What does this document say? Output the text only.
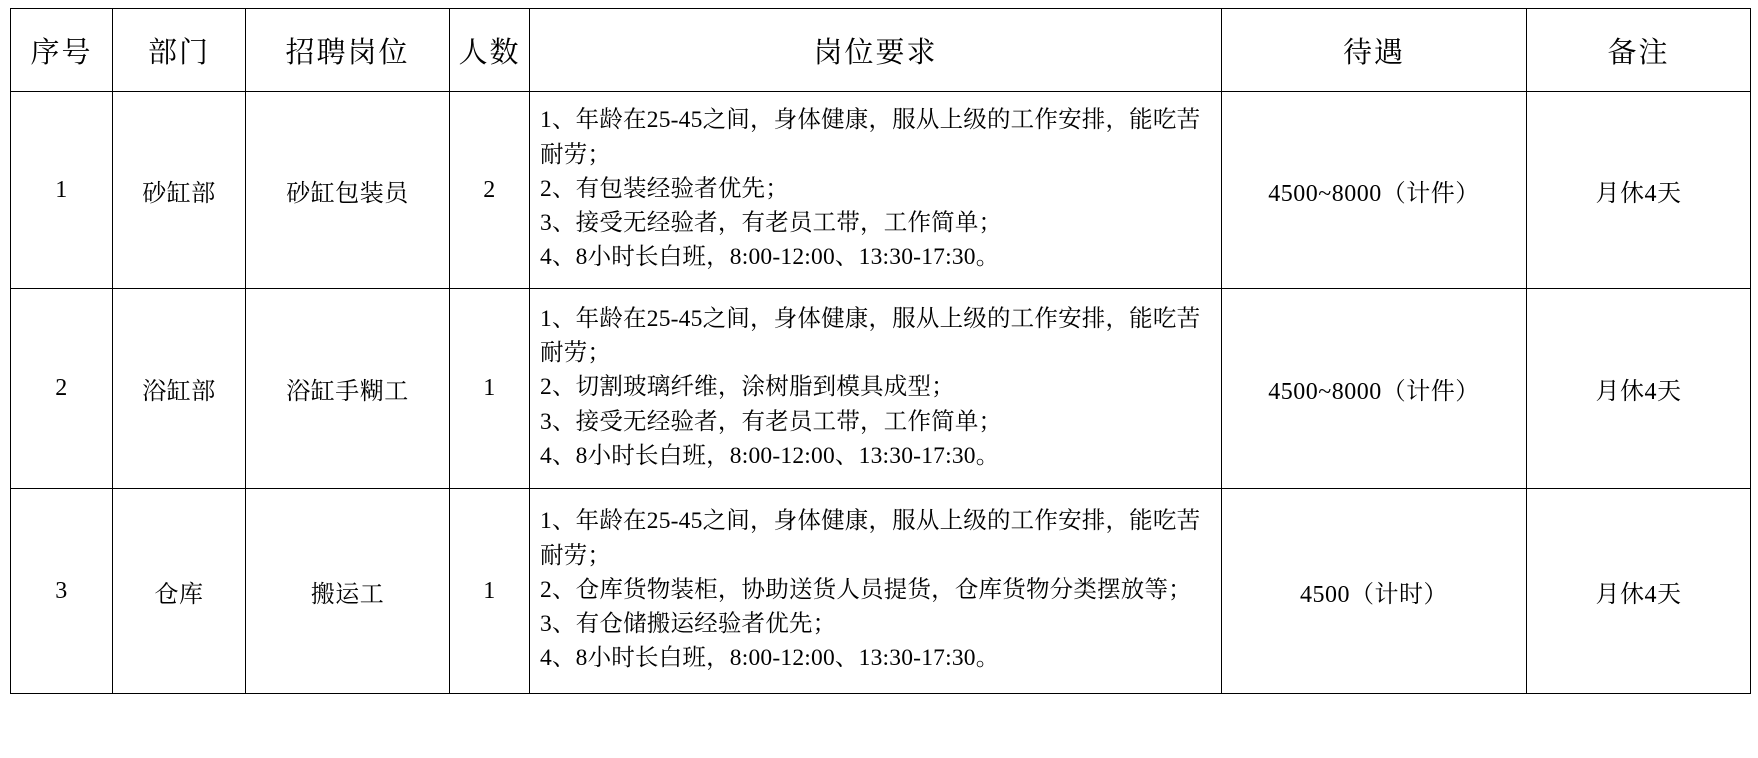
序号	部门	招聘岗位	人数	岗位要求	待遇	备注
1	砂缸部	砂缸包装员	2	1、年龄在25-45之间，身体健康，服从上级的工作安排，能吃苦耐劳；
2、有包装经验者优先；
3、接受无经验者，有老员工带，工作简单；
4、8小时长白班，8:00-12:00、13:30-17:30。	4500~8000（计件）	月休4天
2	浴缸部	浴缸手糊工	1	1、年龄在25-45之间，身体健康，服从上级的工作安排，能吃苦耐劳；
2、切割玻璃纤维，涂树脂到模具成型；
3、接受无经验者，有老员工带，工作简单；
4、8小时长白班，8:00-12:00、13:30-17:30。	4500~8000（计件）	月休4天
3	仓库	搬运工	1	1、年龄在25-45之间，身体健康，服从上级的工作安排，能吃苦耐劳；
2、仓库货物装柜，协助送货人员提货，仓库货物分类摆放等；
3、有仓储搬运经验者优先；
4、8小时长白班，8:00-12:00、13:30-17:30。	4500（计时）	月休4天
